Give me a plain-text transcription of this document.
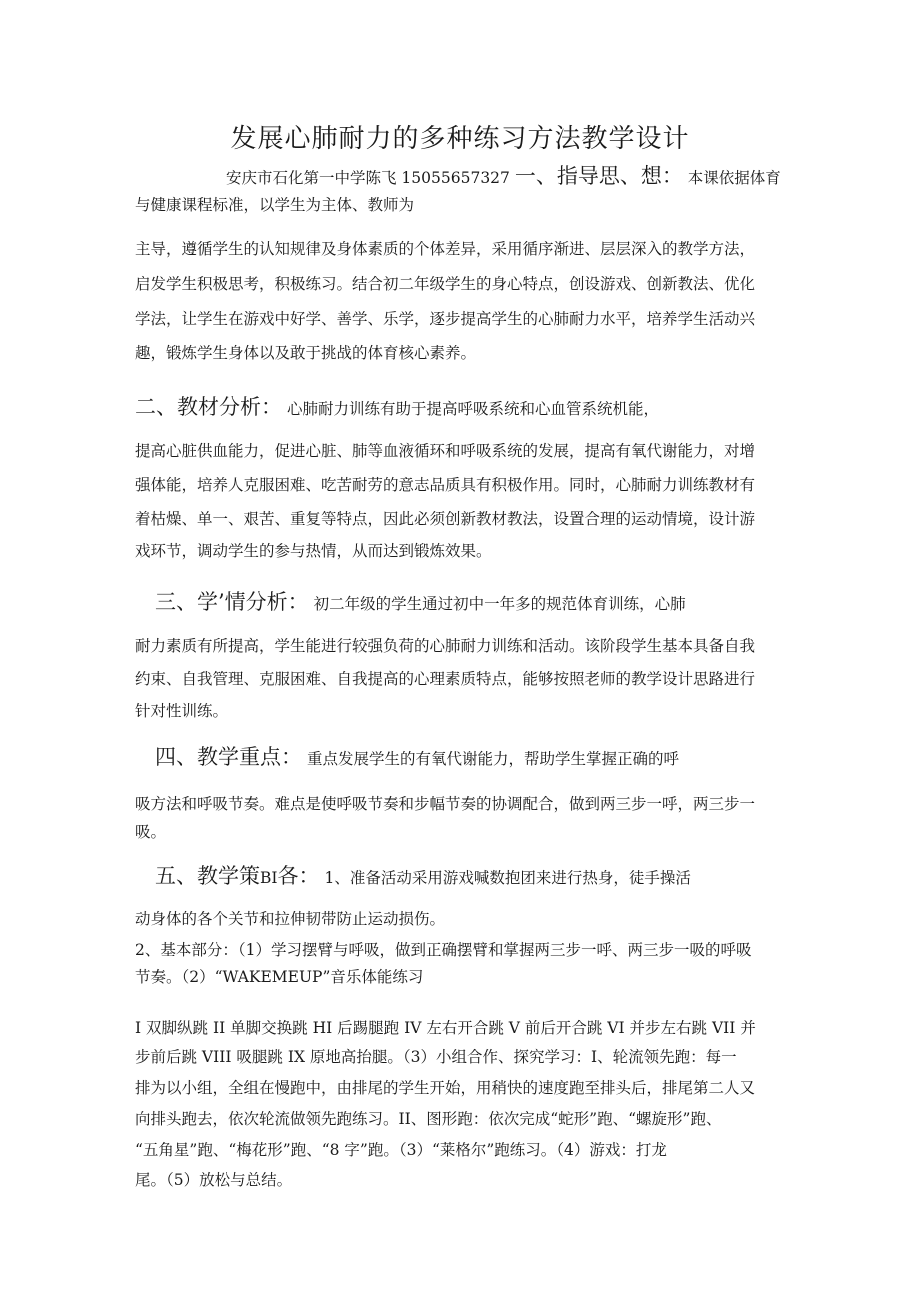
发展心肺耐力的多种练习方法教学设计
安庆市石化第一中学陈飞 15055657327 一、指导思、想： 本课依据体育
与健康课程标准，以学生为主体、教师为
主导，遵循学生的认知规律及身体素质的个体差异，采用循序渐进、层层深入的教学方法，
启发学生积极思考，积极练习。结合初二年级学生的身心特点，创设游戏、创新教法、优化
学法，让学生在游戏中好学、善学、乐学，逐步提高学生的心肺耐力水平，培养学生活动兴
趣，锻炼学生身体以及敢于挑战的体育核心素养。
二、教材分析： 心肺耐力训练有助于提高呼吸系统和心血管系统机能，
提高心脏供血能力，促进心脏、肺等血液循环和呼吸系统的发展，提高有氧代谢能力，对增
强体能，培养人克服困难、吃苦耐劳的意志品质具有积极作用。同时，心肺耐力训练教材有
着枯燥、单一、艰苦、重复等特点，因此必须创新教材教法，设置合理的运动情境，设计游
戏环节，调动学生的参与热情，从而达到锻炼效果。
三、学’情分析： 初二年级的学生通过初中一年多的规范体育训练，心肺
耐力素质有所提高，学生能进行较强负荷的心肺耐力训练和活动。该阶段学生基本具备自我
约束、自我管理、克服困难、自我提高的心理素质特点，能够按照老师的教学设计思路进行
针对性训练。
四、教学重点： 重点发展学生的有氧代谢能力，帮助学生掌握正确的呼
吸方法和呼吸节奏。难点是使呼吸节奏和步幅节奏的协调配合，做到两三步一呼，两三步一
吸。
五、教学策BI各： 1、准备活动采用游戏喊数抱团来进行热身，徒手操活
动身体的各个关节和拉伸韧带防止运动损伤。
2、基本部分：（1）学习摆臂与呼吸，做到正确摆臂和掌握两三步一呼、两三步一吸的呼吸
节奏。（2）“WAKEMEUP”音乐体能练习
I 双脚纵跳 II 单脚交换跳 HI 后踢腿跑 IV 左右开合跳 V 前后开合跳 VI 并步左右跳 VII 并
步前后跳 VIII 吸腿跳 IX 原地高抬腿。（3）小组合作、探究学习：I、轮流领先跑：每一
排为以小组，全组在慢跑中，由排尾的学生开始，用稍快的速度跑至排头后，排尾第二人又
向排头跑去，依次轮流做领先跑练习。II、图形跑：依次完成“蛇形”跑、“螺旋形”跑、
“五角星”跑、“梅花形”跑、“8 字”跑。（3）“莱格尔”跑练习。（4）游戏：打龙
尾。（5）放松与总结。
